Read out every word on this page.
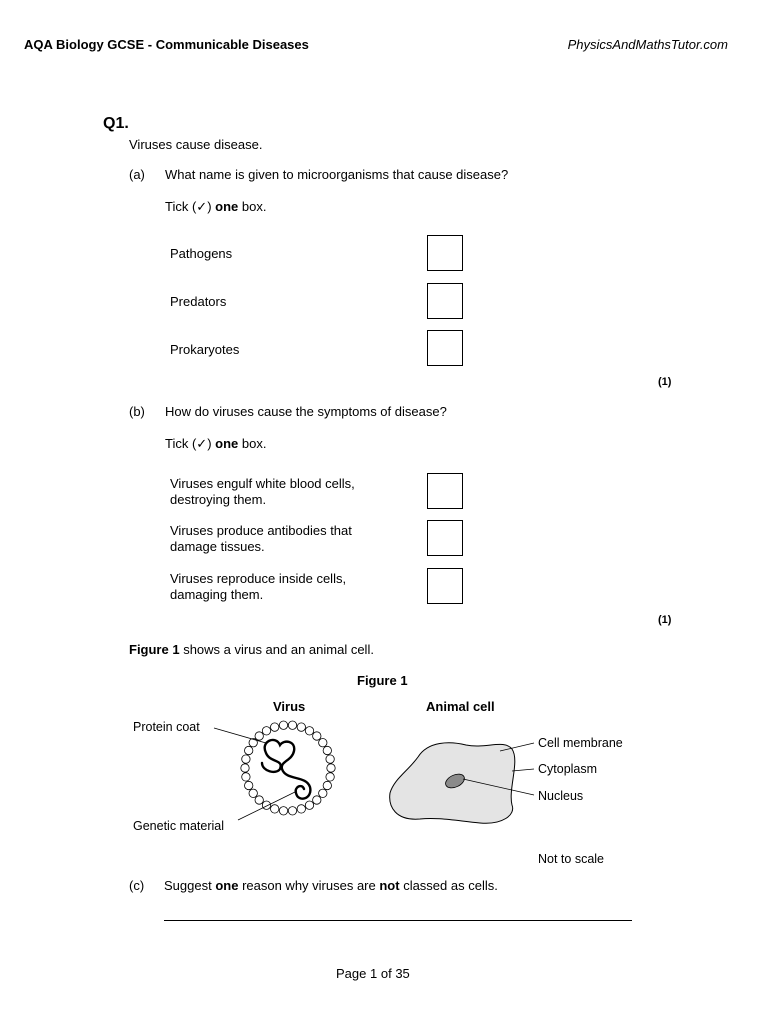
AQA Biology GCSE - Communicable Diseases	PhysicsAndMathsTutor.com
Q1.
Viruses cause disease.
(a) What name is given to microorganisms that cause disease?
Tick (✓) one box.
Pathogens
Predators
Prokaryotes
(1)
(b) How do viruses cause the symptoms of disease?
Tick (✓) one box.
Viruses engulf white blood cells,
destroying them.
Viruses produce antibodies that
damage tissues.
Viruses reproduce inside cells,
damaging them.
(1)
Figure 1 shows a virus and an animal cell.
Figure 1
Virus	Animal cell
Protein coat
Genetic material
Cell membrane
Cytoplasm
Nucleus
Not to scale
(c) Suggest one reason why viruses are not classed as cells.
Page 1 of 35
